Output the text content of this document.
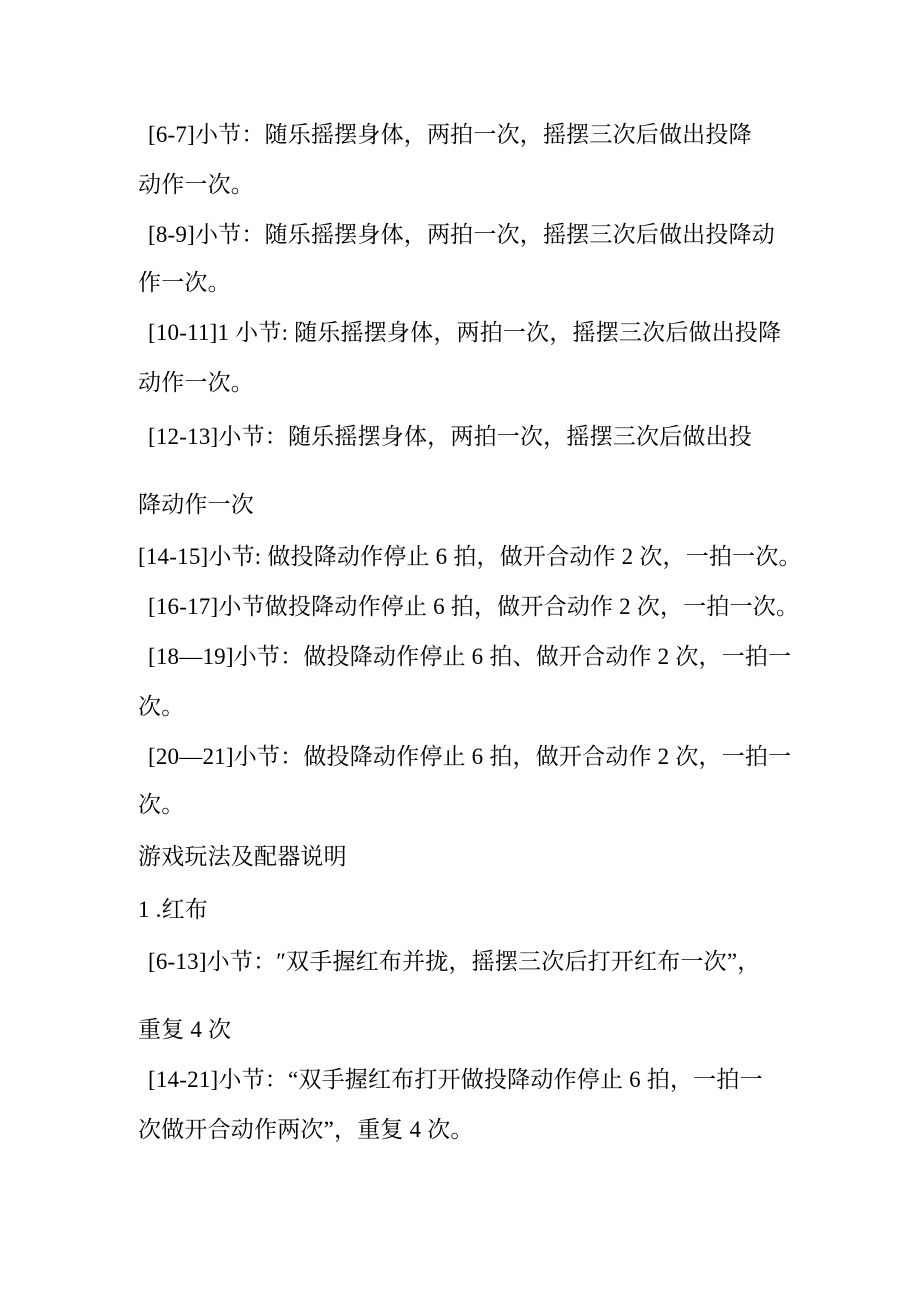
[6-7]小节：随乐摇摆身体，两拍一次，摇摆三次后做出投降
动作一次。
[8-9]小节：随乐摇摆身体，两拍一次，摇摆三次后做出投降动
作一次。
[10-11]1 小节: 随乐摇摆身体，两拍一次，摇摆三次后做出投降
动作一次。
[12-13]小节：随乐摇摆身体，两拍一次，摇摆三次后做出投
降动作一次
[14-15]小节: 做投降动作停止 6 拍，做开合动作 2 次，一拍一次。
[16-17]小节做投降动作停止 6 拍，做开合动作 2 次，一拍一次。
[18—19]小节：做投降动作停止 6 拍、做开合动作 2 次，一拍一
次。
[20—21]小节：做投降动作停止 6 拍，做开合动作 2 次，一拍一
次。
游戏玩法及配器说明
1 .红布
[6-13]小节：″双手握红布并拢，摇摆三次后打开红布一次”，
重复 4 次
[14-21]小节：“双手握红布打开做投降动作停止 6 拍，一拍一
次做开合动作两次”，重复 4 次。
